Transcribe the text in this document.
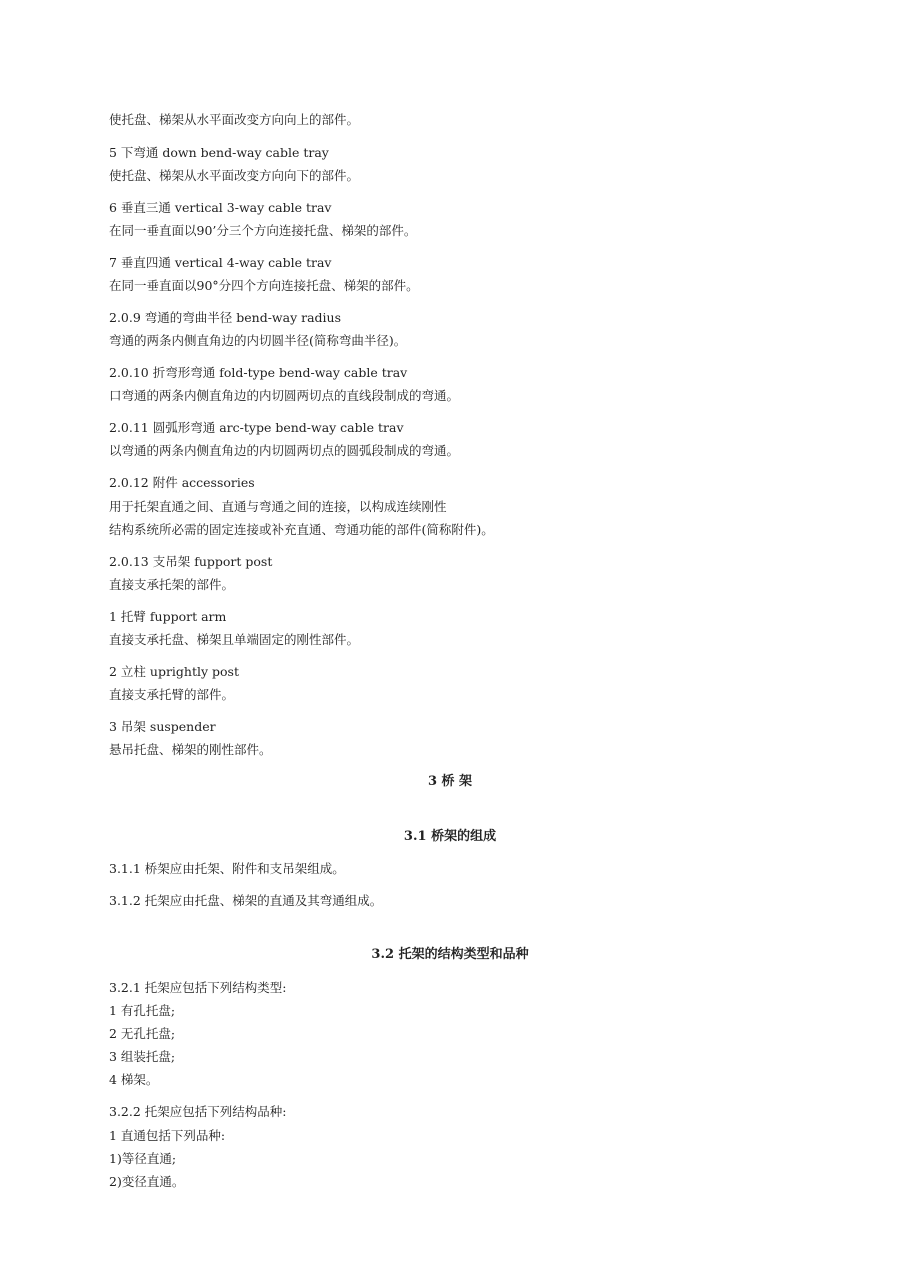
使托盘、梯架从水平面改变方向向上的部件。
5 下弯通 down bend-way cable tray
使托盘、梯架从水平面改变方向向下的部件。
6 垂直三通 vertical 3-way cable trav
在同一垂直面以90’分三个方向连接托盘、梯架的部件。
7 垂直四通 vertical 4-way cable trav
在同一垂直面以90°分四个方向连接托盘、梯架的部件。
2.0.9 弯通的弯曲半径 bend-way radius
弯通的两条内侧直角边的内切圆半径(简称弯曲半径)。
2.0.10 折弯形弯通 fold-type bend-way cable trav
口弯通的两条内侧直角边的内切圆两切点的直线段制成的弯通。
2.0.11 圆弧形弯通 arc-type bend-way cable trav
以弯通的两条内侧直角边的内切圆两切点的圆弧段制成的弯通。
2.0.12 附件 accessories
用于托架直通之间、直通与弯通之间的连接，以构成连续刚性
结构系统所必需的固定连接或补充直通、弯通功能的部件(简称附件)。
2.0.13 支吊架 fupport post
直接支承托架的部件。
1 托臂 fupport arm
直接支承托盘、梯架且单端固定的刚性部件。
2 立柱 uprightly post
直接支承托臂的部件。
3 吊架 suspender
悬吊托盘、梯架的刚性部件。
3 桥 架
3.1 桥架的组成
3.1.1 桥架应由托架、附件和支吊架组成。
3.1.2 托架应由托盘、梯架的直通及其弯通组成。
3.2 托架的结构类型和品种
3.2.1 托架应包括下列结构类型:
1 有孔托盘;
2 无孔托盘;
3 组装托盘;
4 梯架。
3.2.2 托架应包括下列结构品种:
1 直通包括下列品种:
1)等径直通;
2)变径直通。
